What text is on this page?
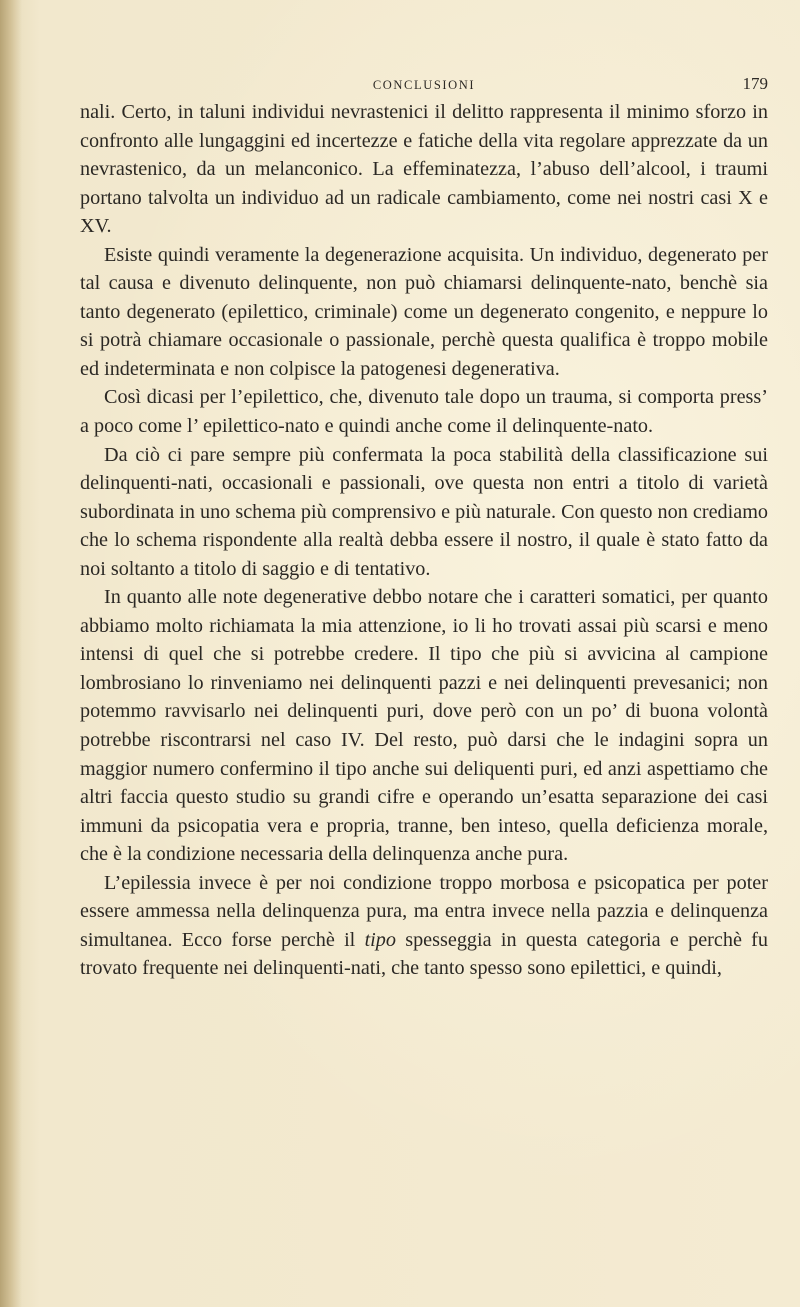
CONCLUSIONI	179

nali. Certo, in taluni individui nevrastenici il delitto rappresenta il minimo sforzo in confronto alle lungaggini ed incertezze e fatiche della vita regolare apprezzate da un nevrastenico, da un melanconico. La effeminatezza, l’abuso dell’alcool, i traumi portano talvolta un individuo ad un radicale cambiamento, come nei nostri casi X e XV.

Esiste quindi veramente la degenerazione acquisita. Un individuo, degenerato per tal causa e divenuto delinquente, non può chiamarsi delinquente-nato, benchè sia tanto degenerato (epilettico, criminale) come un degenerato congenito, e neppure lo si potrà chiamare occasionale o passionale, perchè questa qualifica è troppo mobile ed indeterminata e non colpisce la patogenesi degenerativa.

Così dicasi per l’epilettico, che, divenuto tale dopo un trauma, si comporta press’ a poco come l’ epilettico-nato e quindi anche come il delinquente-nato.

Da ciò ci pare sempre più confermata la poca stabilità della classificazione sui delinquenti-nati, occasionali e passionali, ove questa non entri a titolo di varietà subordinata in uno schema più comprensivo e più naturale. Con questo non crediamo che lo schema rispondente alla realtà debba essere il nostro, il quale è stato fatto da noi soltanto a titolo di saggio e di tentativo.

In quanto alle note degenerative debbo notare che i caratteri somatici, per quanto abbiamo molto richiamata la mia attenzione, io li ho trovati assai più scarsi e meno intensi di quel che si potrebbe credere. Il tipo che più si avvicina al campione lombrosiano lo rinveniamo nei delinquenti pazzi e nei delinquenti prevesanici; non potemmo ravvisarlo nei delinquenti puri, dove però con un po’ di buona volontà potrebbe riscontrarsi nel caso IV. Del resto, può darsi che le indagini sopra un maggior numero confermino il tipo anche sui deliquenti puri, ed anzi aspettiamo che altri faccia questo studio su grandi cifre e operando un’esatta separazione dei casi immuni da psicopatia vera e propria, tranne, ben inteso, quella deficienza morale, che è la condizione necessaria della delinquenza anche pura.

L’epilessia invece è per noi condizione troppo morbosa e psicopatica per poter essere ammessa nella delinquenza pura, ma entra invece nella pazzia e delinquenza simultanea. Ecco forse perchè il tipo spesseggia in questa categoria e perchè fu trovato frequente nei delinquenti-nati, che tanto spesso sono epilettici, e quindi,
